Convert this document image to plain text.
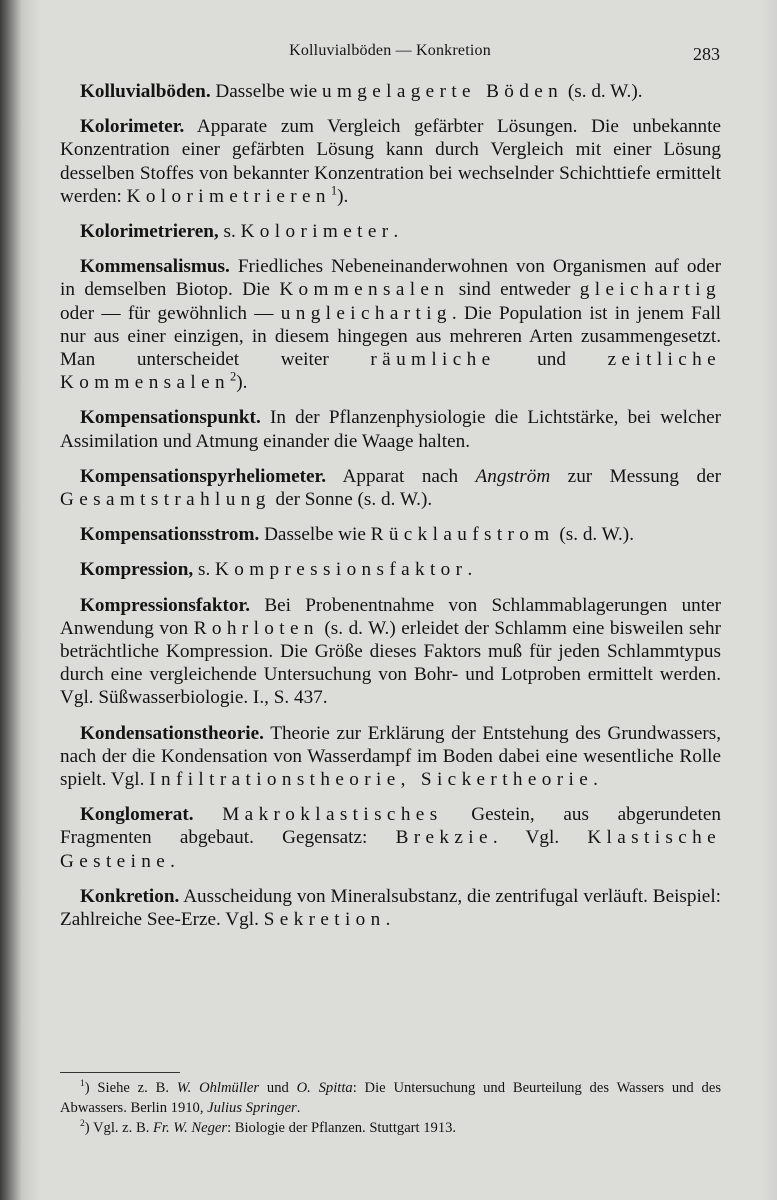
Kolluvialböden — Konkretion	283

Kolluvialböden. Dasselbe wie umgelagerte Böden (s. d. W.).

Kolorimeter. Apparate zum Vergleich gefärbter Lösungen. Die unbekannte Konzentration einer gefärbten Lösung kann durch Vergleich mit einer Lösung desselben Stoffes von bekannter Konzentration bei wechselnder Schichttiefe ermittelt werden: Kolorimetrieren$^1$).

Kolorimetrieren, s. Kolorimeter.

Kommensalismus. Friedliches Nebeneinanderwohnen von Organismen auf oder in demselben Biotop. Die Kommensalen sind entweder gleichartig oder — für gewöhnlich — ungleichartig. Die Population ist in jenem Fall nur aus einer einzigen, in diesem hingegen aus mehreren Arten zusammengesetzt. Man unterscheidet weiter räumliche und zeitliche Kommensalen$^2$).

Kompensationspunkt. In der Pflanzenphysiologie die Lichtstärke, bei welcher Assimilation und Atmung einander die Waage halten.

Kompensationspyrheliometer. Apparat nach Angström zur Messung der Gesamtstrahlung der Sonne (s. d. W.).

Kompensationsstrom. Dasselbe wie Rücklaufstrom (s. d. W.).

Kompression, s. Kompressionsfaktor.

Kompressionsfaktor. Bei Probenentnahme von Schlammablagerungen unter Anwendung von Rohrloten (s. d. W.) erleidet der Schlamm eine bisweilen sehr beträchtliche Kompression. Die Größe dieses Faktors muß für jeden Schlammtypus durch eine vergleichende Untersuchung von Bohr- und Lotproben ermittelt werden. Vgl. Süßwasserbiologie. I., S. 437.

Kondensationstheorie. Theorie zur Erklärung der Entstehung des Grundwassers, nach der die Kondensation von Wasserdampf im Boden dabei eine wesentliche Rolle spielt. Vgl. Infiltrationstheorie, Sickertheorie.

Konglomerat. Makroklastisches Gestein, aus abgerundeten Fragmenten abgebaut. Gegensatz: Brekzie. Vgl. Klastische Gesteine.

Konkretion. Ausscheidung von Mineralsubstanz, die zentrifugal verläuft. Beispiel: Zahlreiche See-Erze. Vgl. Sekretion.

$^1$) Siehe z. B. W. Ohlmüller und O. Spitta: Die Untersuchung und Beurteilung des Wassers und des Abwassers. Berlin 1910, Julius Springer.

$^2$) Vgl. z. B. Fr. W. Neger: Biologie der Pflanzen. Stuttgart 1913.
